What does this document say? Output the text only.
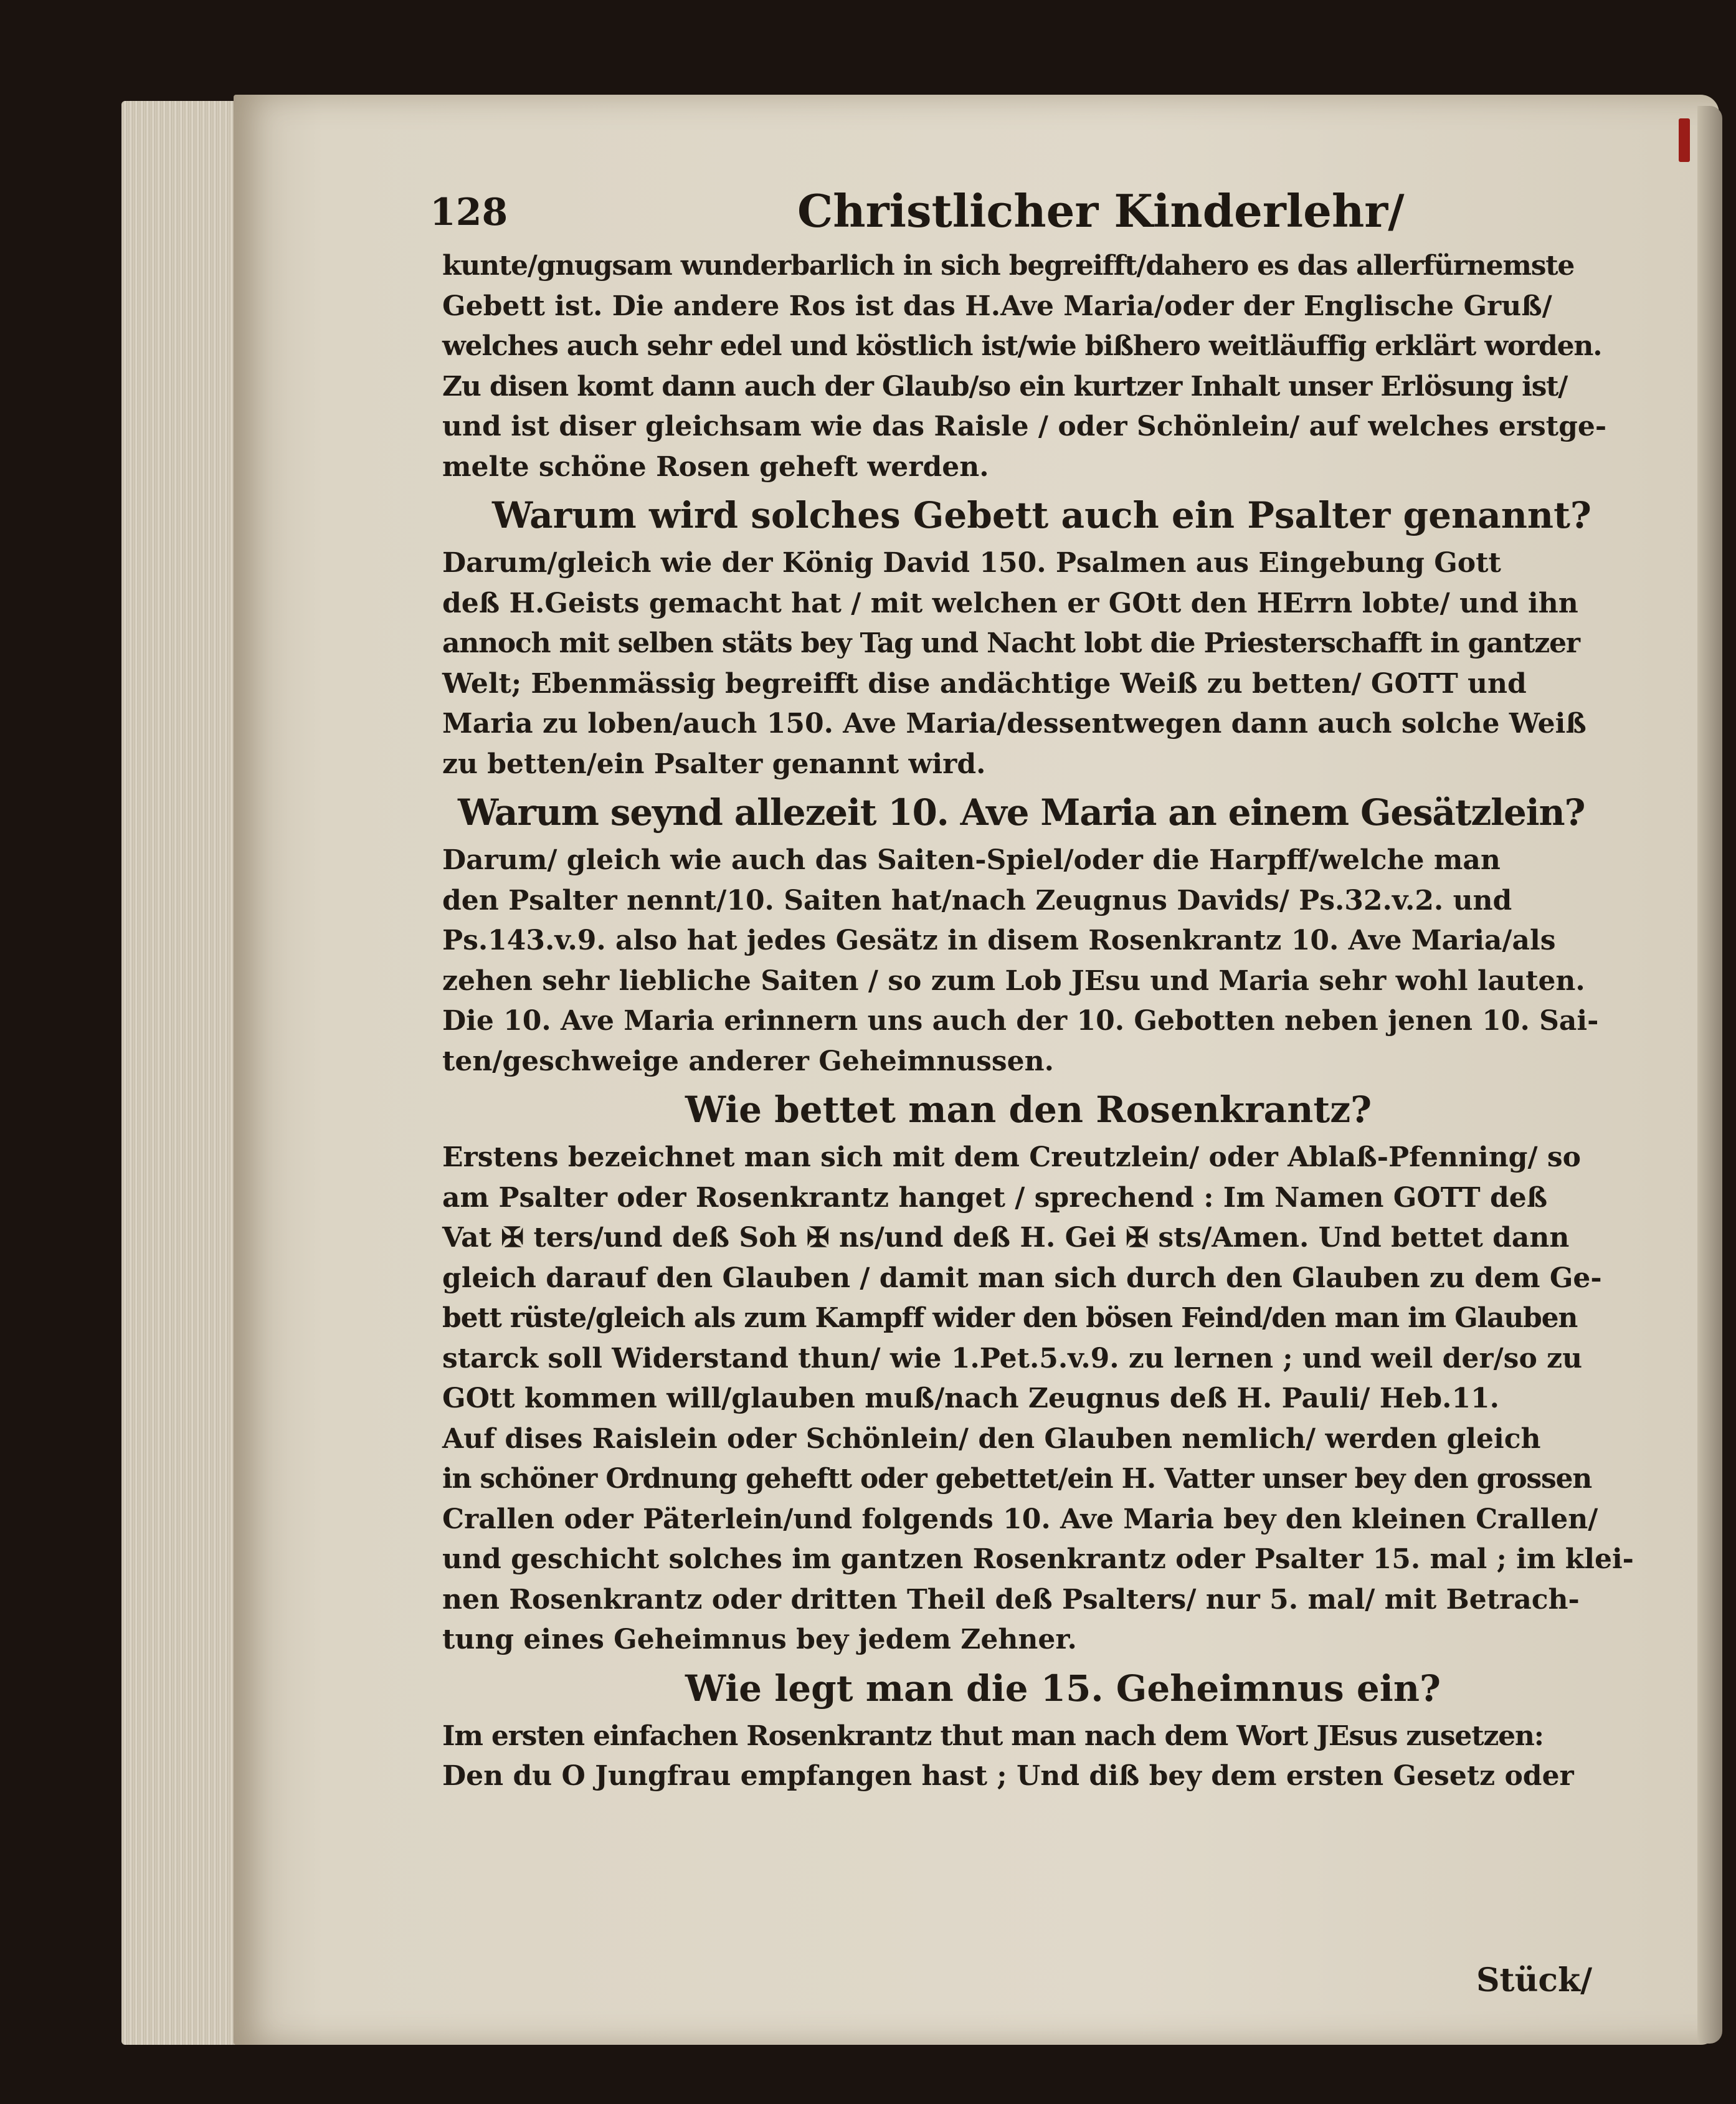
128	Christlicher Kinderlehr/
kunte/gnugsam wunderbarlich in sich begreifft/dahero es das allerfürnemste
Gebett ist. Die andere Ros ist das H.Ave Maria/oder der Englische Gruß/
welches auch sehr edel und köstlich ist/wie bißhero weitläuffig erklärt worden.
Zu disen komt dann auch der Glaub/so ein kurtzer Inhalt unser Erlösung ist/
und ist diser gleichsam wie das Raisle / oder Schönlein/ auf welches erstge-
melte schöne Rosen geheft werden.
Warum wird solches Gebett auch ein Psalter genannt?
Darum/gleich wie der König David 150. Psalmen aus Eingebung Gott
deß H.Geists gemacht hat / mit welchen er GOtt den HErrn lobte/ und ihn
annoch mit selben stäts bey Tag und Nacht lobt die Priesterschafft in gantzer
Welt; Ebenmässig begreifft dise andächtige Weiß zu betten/ GOTT und
Maria zu loben/auch 150. Ave Maria/dessentwegen dann auch solche Weiß
zu betten/ein Psalter genannt wird.
Warum seynd allezeit 10. Ave Maria an einem Gesätzlein?
Darum/ gleich wie auch das Saiten-Spiel/oder die Harpff/welche man
den Psalter nennt/10. Saiten hat/nach Zeugnus Davids/ Ps.32.v.2. und
Ps.143.v.9. also hat jedes Gesätz in disem Rosenkrantz 10. Ave Maria/als
zehen sehr liebliche Saiten / so zum Lob JEsu und Maria sehr wohl lauten.
Die 10. Ave Maria erinnern uns auch der 10. Gebotten neben jenen 10. Sai-
ten/geschweige anderer Geheimnussen.
Wie bettet man den Rosenkrantz?
Erstens bezeichnet man sich mit dem Creutzlein/ oder Ablaß-Pfenning/ so
am Psalter oder Rosenkrantz hanget / sprechend : Im Namen GOTT deß
Vat ✠ ters/und deß Soh ✠ ns/und deß H. Gei ✠ sts/Amen. Und bettet dann
gleich darauf den Glauben / damit man sich durch den Glauben zu dem Ge-
bett rüste/gleich als zum Kampff wider den bösen Feind/den man im Glauben
starck soll Widerstand thun/ wie 1.Pet.5.v.9. zu lernen ; und weil der/so zu
GOtt kommen will/glauben muß/nach Zeugnus deß H. Pauli/ Heb.11.
Auf dises Raislein oder Schönlein/ den Glauben nemlich/ werden gleich
in schöner Ordnung geheftt oder gebettet/ein H. Vatter unser bey den grossen
Crallen oder Päterlein/und folgends 10. Ave Maria bey den kleinen Crallen/
und geschicht solches im gantzen Rosenkrantz oder Psalter 15. mal ; im klei-
nen Rosenkrantz oder dritten Theil deß Psalters/ nur 5. mal/ mit Betrach-
tung eines Geheimnus bey jedem Zehner.
Wie legt man die 15. Geheimnus ein?
Im ersten einfachen Rosenkrantz thut man nach dem Wort JEsus zusetzen:
Den du O Jungfrau empfangen hast ; Und diß bey dem ersten Gesetz oder
Stück/
